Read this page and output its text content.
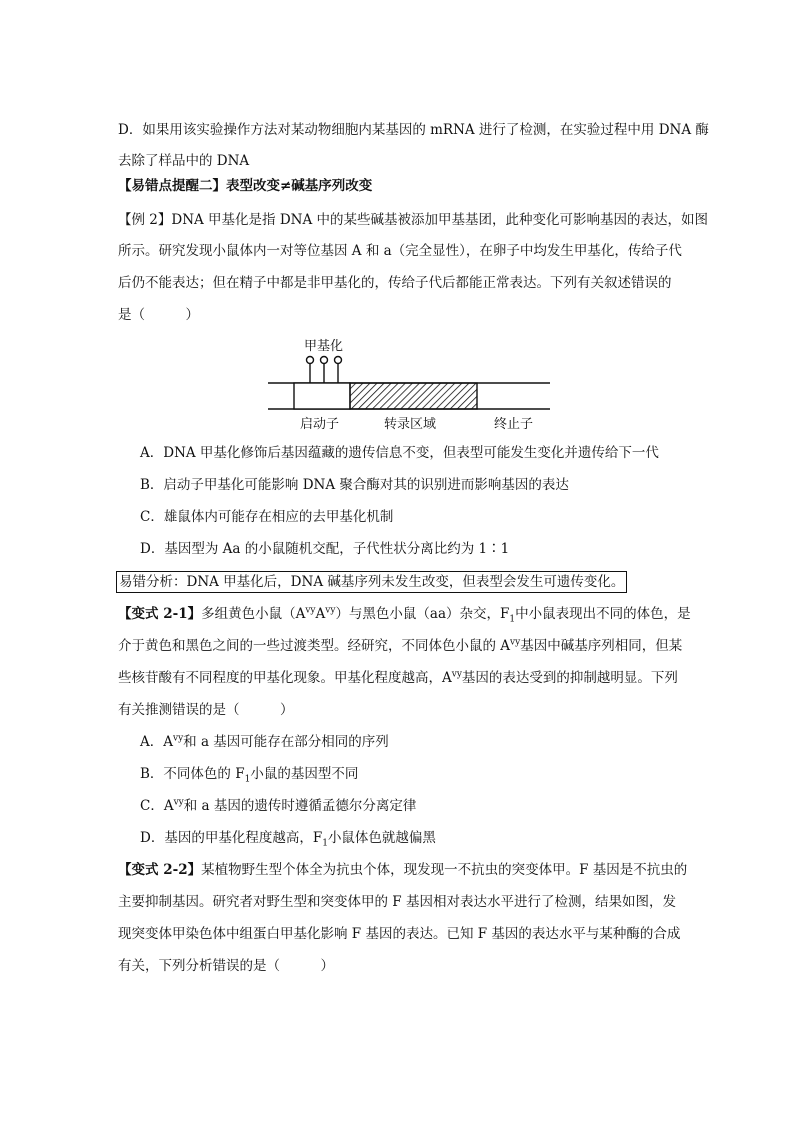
D．如果用该实验操作方法对某动物细胞内某基因的 mRNA 进行了检测，在实验过程中用 DNA 酶
去除了样品中的 DNA
【易错点提醒二】表型改变≠碱基序列改变
【例 2】DNA 甲基化是指 DNA 中的某些碱基被添加甲基基团，此种变化可影响基因的表达，如图
所示。研究发现小鼠体内一对等位基因 A 和 a（完全显性），在卵子中均发生甲基化，传给子代
后仍不能表达；但在精子中都是非甲基化的，传给子代后都能正常表达。下列有关叙述错误的
是（　　　）
甲基化
启动子	转录区域	终止子
A．DNA 甲基化修饰后基因蕴藏的遗传信息不变，但表型可能发生变化并遗传给下一代
B．启动子甲基化可能影响 DNA 聚合酶对其的识别进而影响基因的表达
C．雄鼠体内可能存在相应的去甲基化机制
D．基因型为 Aa 的小鼠随机交配，子代性状分离比约为 1∶1
易错分析：DNA 甲基化后，DNA 碱基序列未发生改变，但表型会发生可遗传变化。
【变式 2-1】多组黄色小鼠$(A^{vy}A^{vy})$与黑色小鼠（aa）杂交，$F_1$中小鼠表现出不同的体色，是
介于黄色和黑色之间的一些过渡类型。经研究，不同体色小鼠的 $A^{vy}$基因中碱基序列相同，但某
些核苷酸有不同程度的甲基化现象。甲基化程度越高，$A^{vy}$基因的表达受到的抑制越明显。下列
有关推测错误的是（　　　）
A．$A^{vy}$和 a 基因可能存在部分相同的序列
B．不同体色的 $F_1$小鼠的基因型不同
C．$A^{vy}$和 a 基因的遗传时遵循孟德尔分离定律
D．基因的甲基化程度越高，$F_1$小鼠体色就越偏黑
【变式 2-2】某植物野生型个体全为抗虫个体，现发现一不抗虫的突变体甲。F 基因是不抗虫的
主要抑制基因。研究者对野生型和突变体甲的 F 基因相对表达水平进行了检测，结果如图，发
现突变体甲染色体中组蛋白甲基化影响 F 基因的表达。已知 F 基因的表达水平与某种酶的合成
有关，下列分析错误的是（　　　）
